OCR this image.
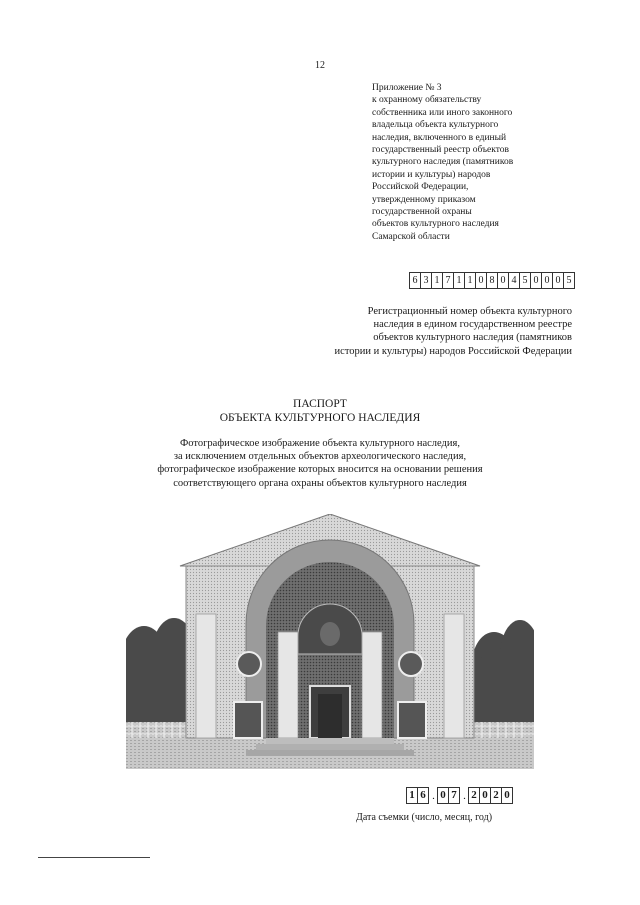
12
Приложение № 3
к охранному обязательству
собственника или иного законного
владельца объекта культурного
наследия, включенного в единый
государственный реестр объектов
культурного наследия (памятников
истории и культуры) народов
Российской Федерации,
утвержденному приказом
государственной охраны
объектов культурного наследия
Самарской области
6 3 1 7 1 1 0 8 0 4 5 0 0 0 5
Регистрационный номер объекта культурного
наследия в едином государственном реестре
объектов культурного наследия (памятников
истории и культуры) народов Российской Федерации
ПАСПОРТ
ОБЪЕКТА КУЛЬТУРНОГО НАСЛЕДИЯ
Фотографическое изображение объекта культурного наследия,
за исключением отдельных объектов археологического наследия,
фотографическое изображение которых вносится на основании решения
соответствующего органа охраны объектов культурного наследия
1 6 . 0 7 . 2 0 2 0
Дата съемки (число, месяц, год)
